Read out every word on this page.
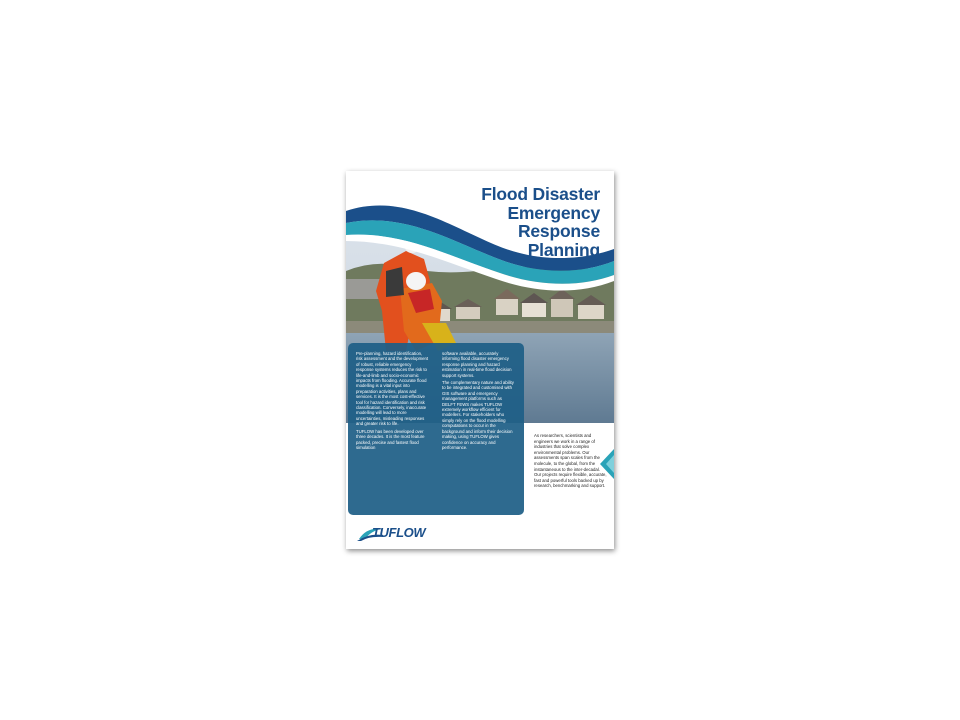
Flood Disaster
Emergency
Response
Planning

Pre-planning, hazard identification, risk assessment and the development of robust, reliable emergency response systems reduces the risk to life-and-limb and socio-economic impacts from flooding. Accurate flood modelling is a vital input into preparation activities, plans and services. It is the most cost-effective tool for hazard identification and risk classification. Conversely, inaccurate modelling will lead to more uncertainties, misleading responses and greater risk to life.

TUFLOW has been developed over three decades. It is the most feature packed, precise and fastest flood simulation

software available, accurately informing flood disaster emergency response planning and hazard estimation in real-time flood decision support systems.

The complementary nature and ability to be integrated and customised with GIS software and emergency management platforms such as DELFT FEWS makes TUFLOW extremely workflow efficient for modellers. For stakeholders who simply rely on the flood modelling computations to occur in the background and inform their decision making, using TUFLOW gives confidence on accuracy and performance.

As researchers, scientists and engineers we work in a range of industries that solve complex environmental problems. Our assessments span scales from the molecule, to the global, from the instantaneous to the inter-decadal. Our projects require flexible, accurate, fast and powerful tools backed up by research, benchmarking and support.

TUFLOW
